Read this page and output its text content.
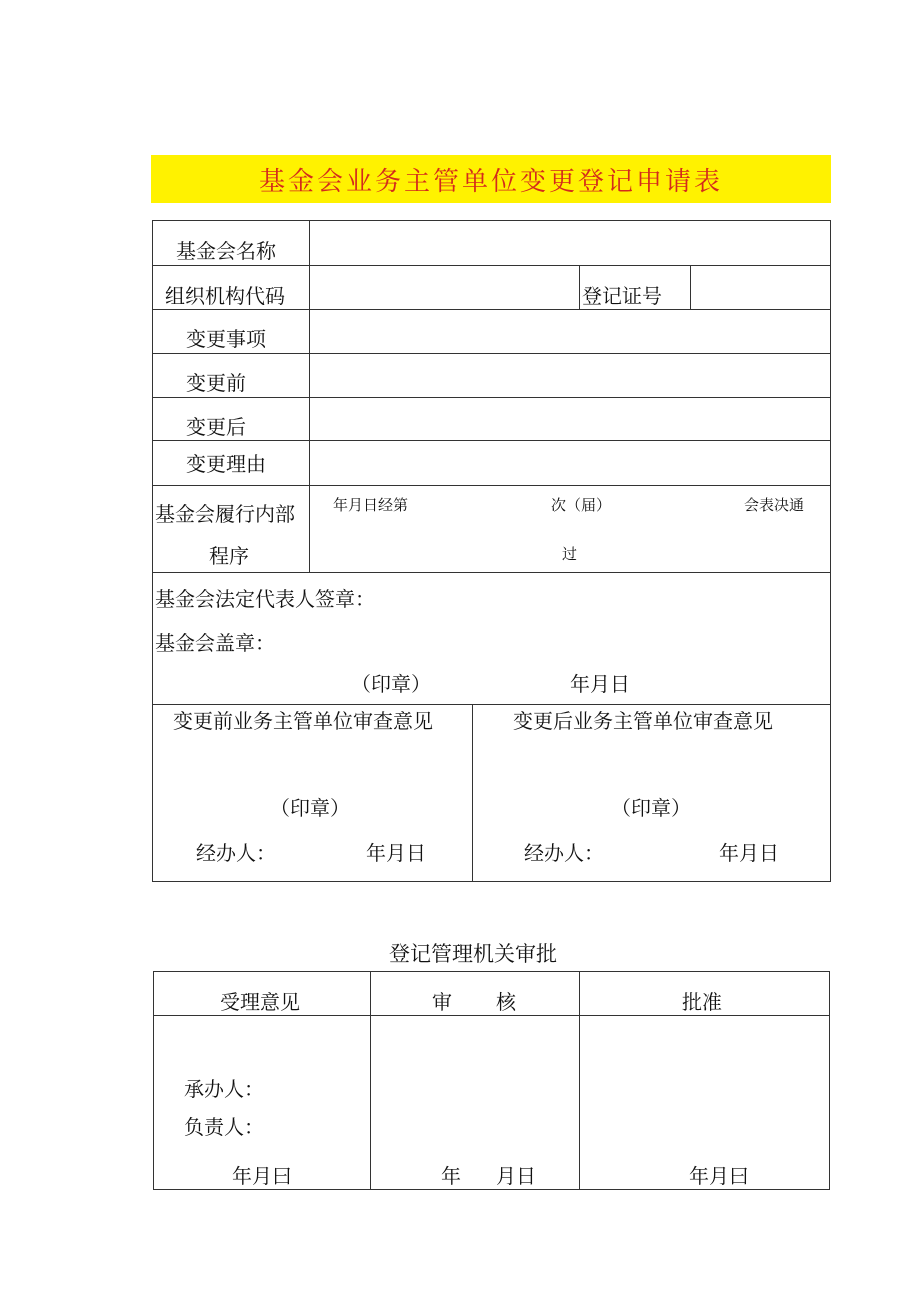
基金会业务主管单位变更登记申请表
基金会名称
组织机构代码	登记证号
变更事项
变更前
变更后
变更理由
基金会履行内部
程序
年月日经第	次（届）	会表决通
过
基金会法定代表人签章：
基金会盖章：
（印章）	年月日
变更前业务主管单位审查意见	变更后业务主管单位审查意见
（印章）	（印章）
经办人：	年月日	经办人：	年月日
登记管理机关审批
受理意见	审 核	批准
承办人：
负责人：
年月曰	年 月日	年月曰
